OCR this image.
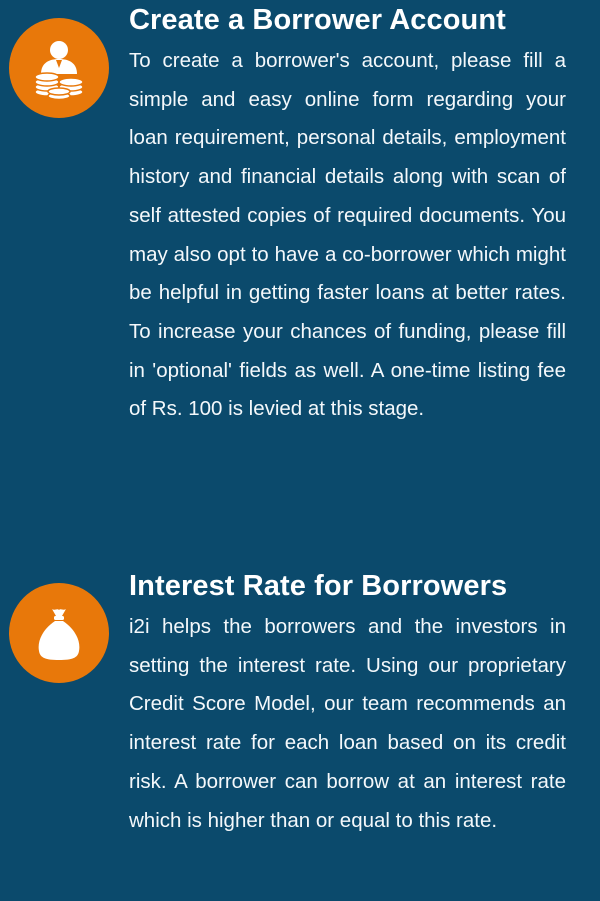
Create a Borrower Account

To create a borrower's account, please fill a simple and easy online form regarding your loan requirement, personal details, employment history and financial details along with scan of self attested copies of required documents. You may also opt to have a co-borrower which might be helpful in getting faster loans at better rates. To increase your chances of funding, please fill in 'optional' fields as well. A one-time listing fee of Rs. 100 is levied at this stage.

Interest Rate for Borrowers

i2i helps the borrowers and the investors in setting the interest rate. Using our proprietary Credit Score Model, our team recommends an interest rate for each loan based on its credit risk. A borrower can borrow at an interest rate which is higher than or equal to this rate.
